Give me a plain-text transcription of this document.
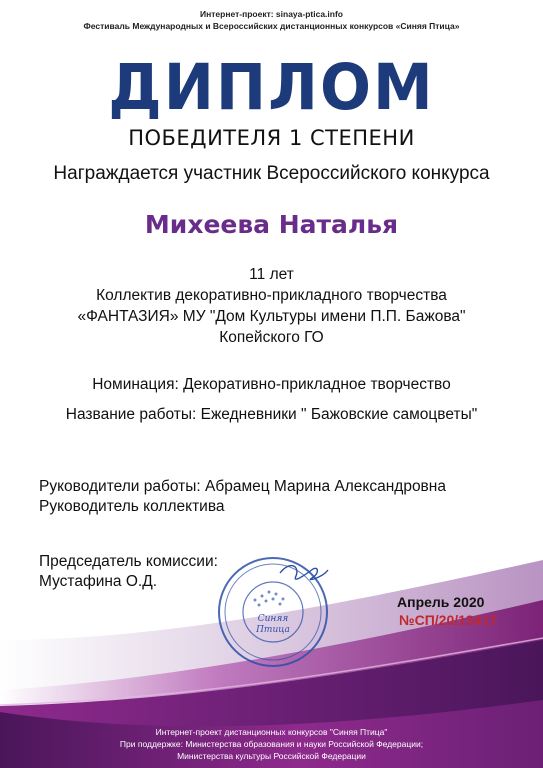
Интернет-проект: sinaya-ptica.info
Фестиваль Международных и Всероссийских дистанционных конкурсов «Синяя Птица»
ДИПЛОМ
ПОБЕДИТЕЛЯ 1 СТЕПЕНИ
Награждается участник Всероссийского конкурса
Михеева Наталья
11 лет
Коллектив декоративно-прикладного творчества
«ФАНТАЗИЯ» МУ "Дом Культуры имени П.П. Бажова"
Копейского ГО
Номинация: Декоративно-прикладное творчество
Название работы: Ежедневники " Бажовские самоцветы"
Руководители работы: Абрамец Марина Александровна
Руководитель коллектива
Председатель комиссии:
Мустафина О.Д.
Синяя
Птица
Апрель 2020
№СП/20/13417
Интернет-проект дистанционных конкурсов "Синяя Птица"
При поддержке: Министерства образования и науки Российской Федерации;
Министерства культуры Российской Федерации
